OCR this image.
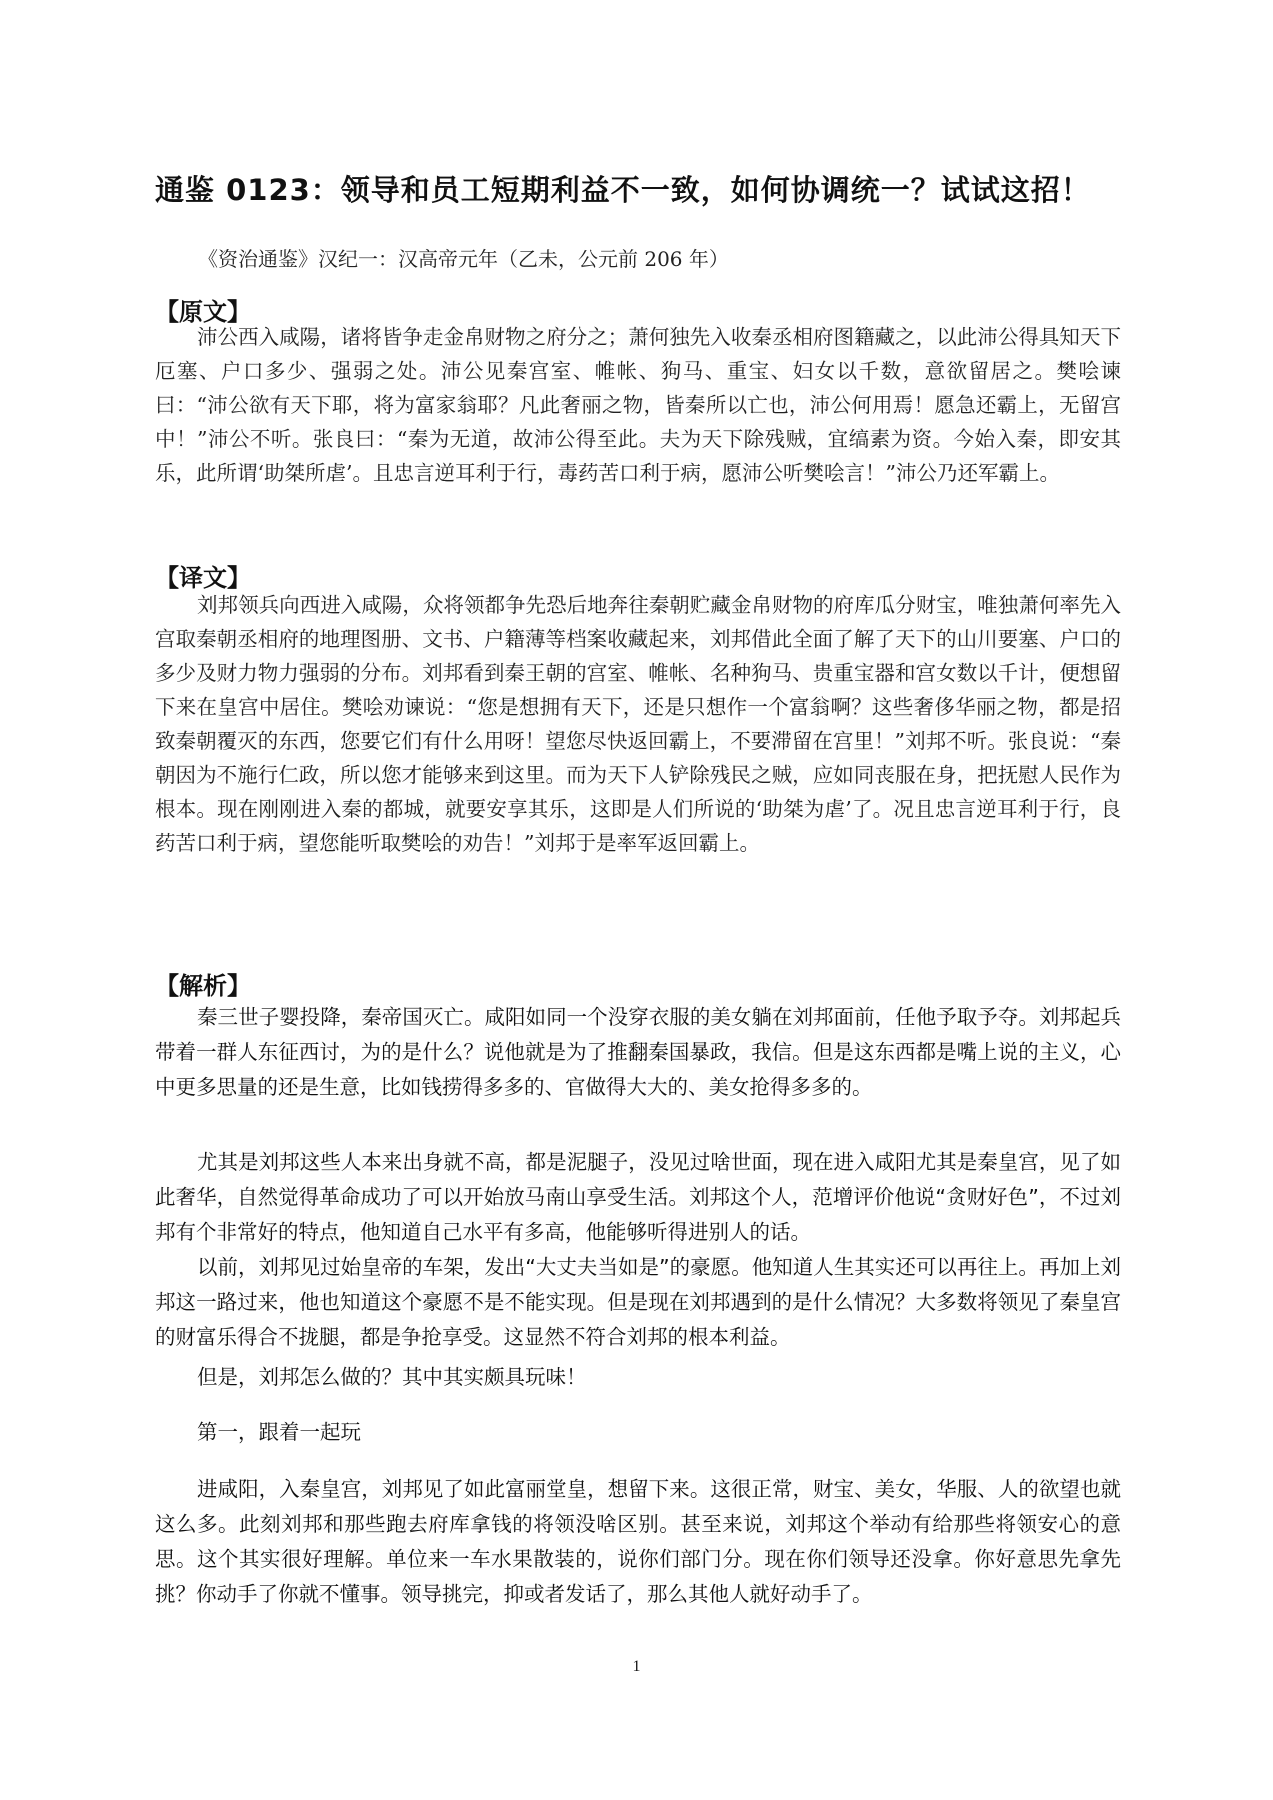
通鉴 0123：领导和员工短期利益不一致，如何协调统一？试试这招！
《资治通鉴》汉纪一：汉高帝元年（乙未，公元前 206 年）
【原文】

沛公西入咸陽，诸将皆争走金帛财物之府分之；萧何独先入收秦丞相府图籍藏之，以此沛公得具知天下厄塞、户口多少、强弱之处。沛公见秦宫室、帷帐、狗马、重宝、妇女以千数，意欲留居之。樊哙谏曰：“沛公欲有天下耶，将为富家翁耶？凡此奢丽之物，皆秦所以亡也，沛公何用焉！愿急还霸上，无留宫中！”沛公不听。张良曰：“秦为无道，故沛公得至此。夫为天下除残贼，宜缟素为资。今始入秦，即安其乐，此所谓‘助桀所虐’。且忠言逆耳利于行，毒药苦口利于病，愿沛公听樊哙言！”沛公乃还军霸上。

【译文】

刘邦领兵向西进入咸陽，众将领都争先恐后地奔往秦朝贮藏金帛财物的府库瓜分财宝，唯独萧何率先入宫取秦朝丞相府的地理图册、文书、户籍薄等档案收藏起来，刘邦借此全面了解了天下的山川要塞、户口的多少及财力物力强弱的分布。刘邦看到秦王朝的宫室、帷帐、名种狗马、贵重宝器和宫女数以千计，便想留下来在皇宫中居住。樊哙劝谏说：“您是想拥有天下，还是只想作一个富翁啊？这些奢侈华丽之物，都是招致秦朝覆灭的东西，您要它们有什么用呀！望您尽快返回霸上，不要滞留在宫里！”刘邦不听。张良说：“秦朝因为不施行仁政，所以您才能够来到这里。而为天下人铲除残民之贼，应如同丧服在身，把抚慰人民作为根本。现在刚刚进入秦的都城，就要安享其乐，这即是人们所说的‘助桀为虐’了。况且忠言逆耳利于行，良药苦口利于病，望您能听取樊哙的劝告！”刘邦于是率军返回霸上。

【解析】

秦三世子婴投降，秦帝国灭亡。咸阳如同一个没穿衣服的美女躺在刘邦面前，任他予取予夺。刘邦起兵带着一群人东征西讨，为的是什么？说他就是为了推翻秦国暴政，我信。但是这东西都是嘴上说的主义，心中更多思量的还是生意，比如钱捞得多多的、官做得大大的、美女抢得多多的。

尤其是刘邦这些人本来出身就不高，都是泥腿子，没见过啥世面，现在进入咸阳尤其是秦皇宫，见了如此奢华，自然觉得革命成功了可以开始放马南山享受生活。刘邦这个人，范增评价他说“贪财好色”，不过刘邦有个非常好的特点，他知道自己水平有多高，他能够听得进别人的话。

以前，刘邦见过始皇帝的车架，发出“大丈夫当如是”的豪愿。他知道人生其实还可以再往上。再加上刘邦这一路过来，他也知道这个豪愿不是不能实现。但是现在刘邦遇到的是什么情况？大多数将领见了秦皇宫的财富乐得合不拢腿，都是争抢享受。这显然不符合刘邦的根本利益。

但是，刘邦怎么做的？其中其实颇具玩味！

第一，跟着一起玩

进咸阳，入秦皇宫，刘邦见了如此富丽堂皇，想留下来。这很正常，财宝、美女，华服、人的欲望也就这么多。此刻刘邦和那些跑去府库拿钱的将领没啥区别。甚至来说，刘邦这个举动有给那些将领安心的意思。这个其实很好理解。单位来一车水果散装的，说你们部门分。现在你们领导还没拿。你好意思先拿先挑？你动手了你就不懂事。领导挑完，抑或者发话了，那么其他人就好动手了。

1
